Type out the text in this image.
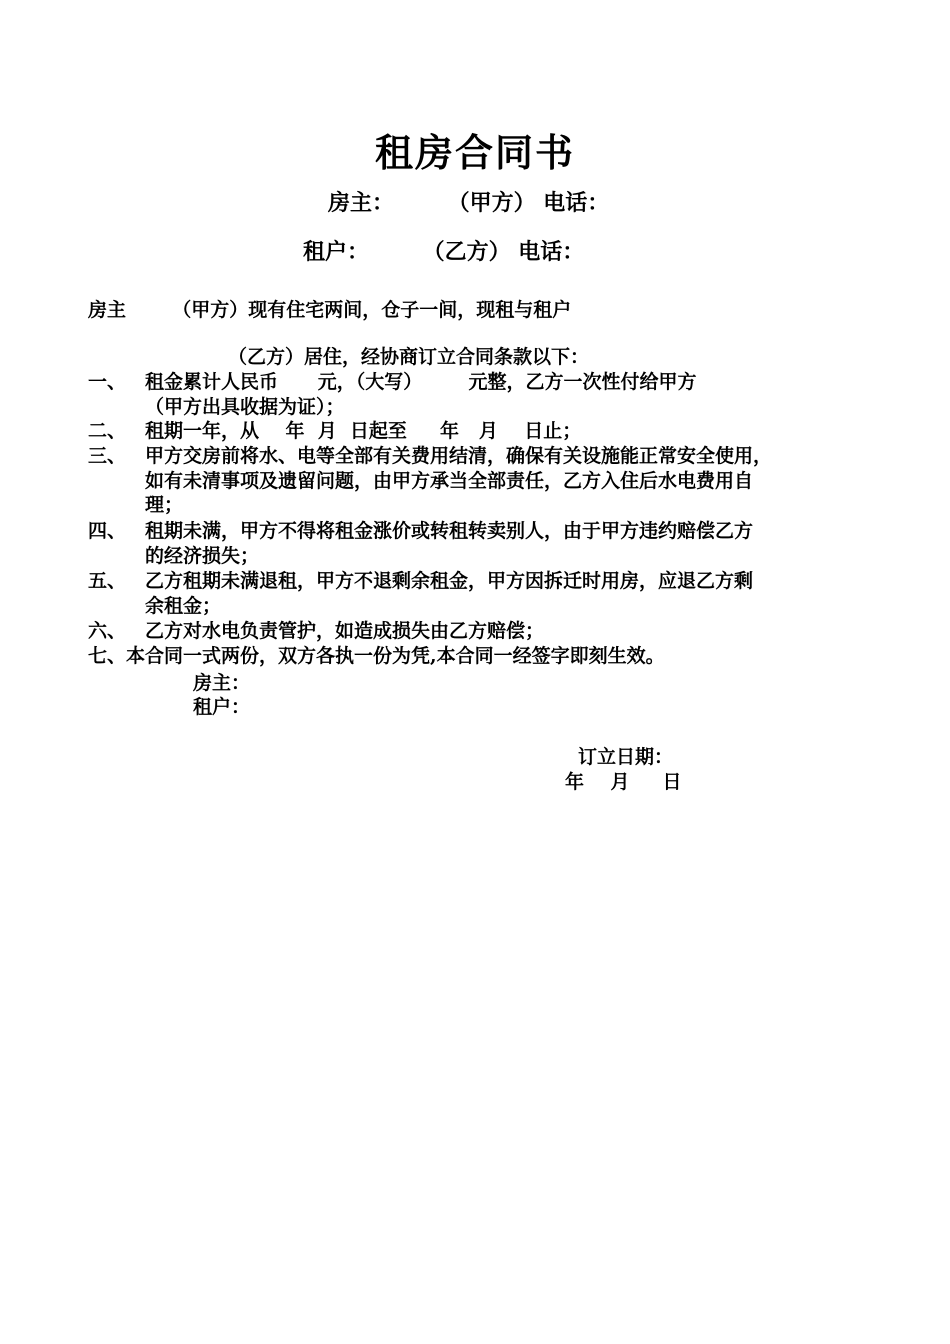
租房合同书
房主：       （甲方） 电话：
租户：       （乙方） 电话：
房主       （甲方）现有住宅两间，仓子一间，现租与租户
（乙方）居住，经协商订立合同条款以下：
一、 租金累计人民币      元，（大写）       元整，乙方一次性付给甲方
（甲方出具收据为证）；
二、 租期一年，从    年  月  日起至     年   月    日止；
三、 甲方交房前将水、电等全部有关费用结清，确保有关设施能正常安全使用，
如有未清事项及遗留问题，由甲方承当全部责任，乙方入住后水电费用自
理；
四、 租期未满，甲方不得将租金涨价或转租转卖别人，由于甲方违约赔偿乙方
的经济损失；
五、 乙方租期未满退租，甲方不退剩余租金，甲方因拆迁时用房，应退乙方剩
余租金；
六、 乙方对水电负责管护，如造成损失由乙方赔偿；
七、本合同一式两份，双方各执一份为凭,本合同一经签字即刻生效。
房主：
租户：
订立日期：
年    月     日
